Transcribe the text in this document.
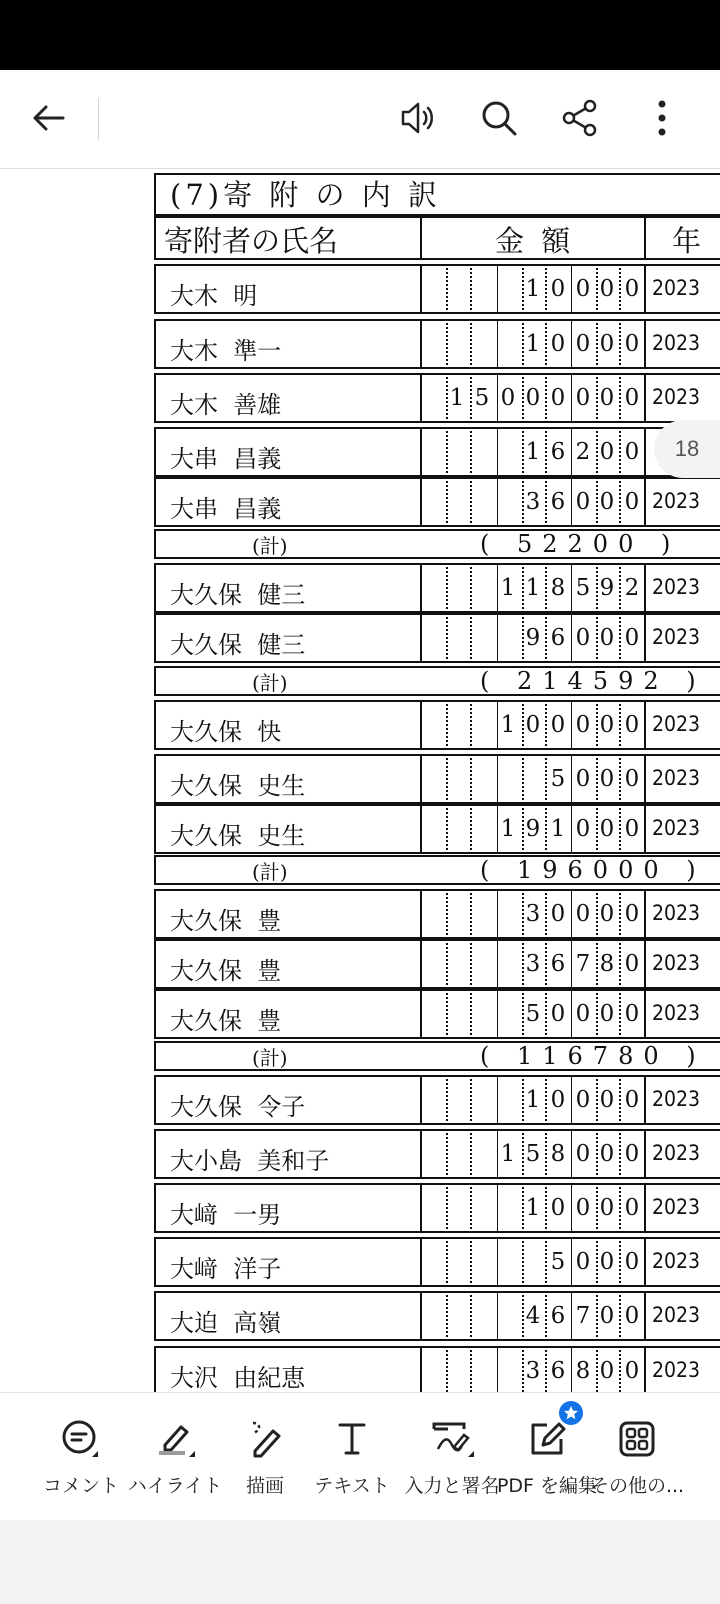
(7)寄 附 の 内 訳
寄附者の氏名	金 額	年
大木  明	1 0 0 0 0 2023
大木  準一	1 0 0 0 0 2023
大木  善雄	1 5 0 0 0 0 0 0 2023
大串  昌義	1 6 2 0 0
大串  昌義	3 6 0 0 0 2023
(計)	( 52200 )
大久保  健三	1 1 8 5 9 2 2023
大久保  健三	9 6 0 0 0 2023
(計)	( 214592 )
大久保  快	1 0 0 0 0 0 2023
大久保  史生	5 0 0 0 2023
大久保  史生	1 9 1 0 0 0 2023
(計)	( 196000 )
大久保  豊	3 0 0 0 0 2023
大久保  豊	3 6 7 8 0 2023
大久保  豊	5 0 0 0 0 2023
(計)	( 116780 )
大久保  令子	1 0 0 0 0 2023
大小島  美和子	1 5 8 0 0 0 2023
大﨑  一男	1 0 0 0 0 2023
大﨑  洋子	5 0 0 0 2023
大迫  高嶺	4 6 7 0 0 2023
大沢  由紀恵	3 6 8 0 0 2023
18
コメント ハイライト 描画 テキスト 入力と署名
PDF を編集
その他の...
